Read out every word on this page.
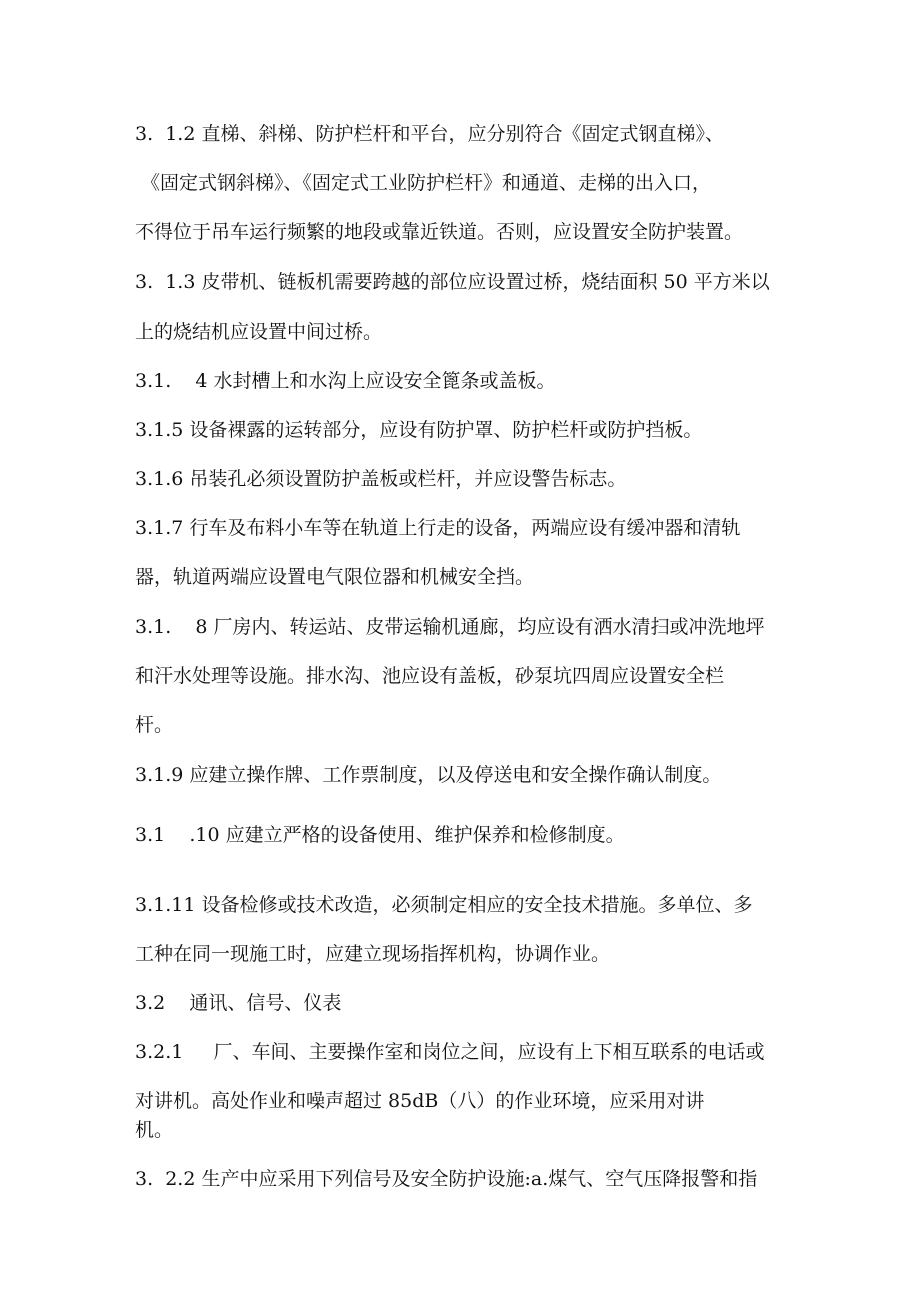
3.  1.2 直梯、斜梯、防护栏杆和平台，应分别符合《固定式钢直梯》、
《固定式钢斜梯》、《固定式工业防护栏杆》和通道、走梯的出入口，
不得位于吊车运行频繁的地段或靠近铁道。否则，应设置安全防护装置。
3.  1.3 皮带机、链板机需要跨越的部位应设置过桥，烧结面积 50 平方米以
上的烧结机应设置中间过桥。
3.1.    4 水封槽上和水沟上应设安全篦条或盖板。
3.1.5 设备裸露的运转部分，应设有防护罩、防护栏杆或防护挡板。
3.1.6 吊装孔必须设置防护盖板或栏杆，并应设警告标志。
3.1.7 行车及布料小车等在轨道上行走的设备，两端应设有缓冲器和清轨
器，轨道两端应设置电气限位器和机械安全挡。
3.1.    8 厂房内、转运站、皮带运输机通廊，均应设有洒水清扫或冲洗地坪
和汗水处理等设施。排水沟、池应设有盖板，砂泵坑四周应设置安全栏
杆。
3.1.9 应建立操作牌、工作票制度，以及停送电和安全操作确认制度。
3.1    .10 应建立严格的设备使用、维护保养和检修制度。
3.1.11 设备检修或技术改造，必须制定相应的安全技术措施。多单位、多
工种在同一现施工时，应建立现场指挥机构，协调作业。
3.2    通讯、信号、仪表
3.2.1     厂、车间、主要操作室和岗位之间，应设有上下相互联系的电话或
对讲机。高处作业和噪声超过 85dB（八）的作业环境，应采用对讲
机。
3.  2.2 生产中应采用下列信号及安全防护设施:a.煤气、空气压降报警和指
